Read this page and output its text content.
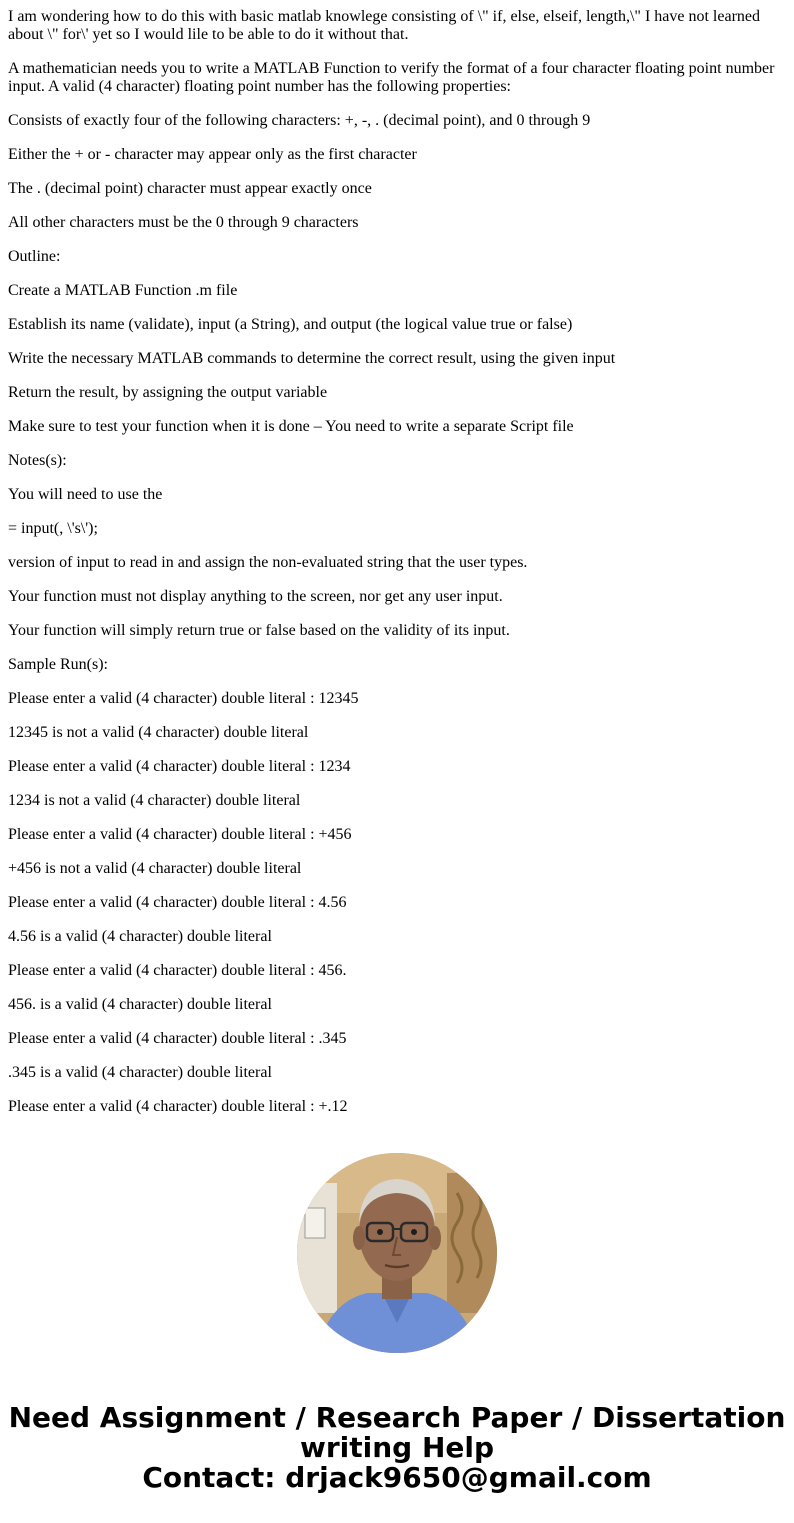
I am wondering how to do this with basic matlab knowlege consisting of \" if, else, elseif, length,\" I have not learned about \" for\' yet so I would lile to be able to do it without that.

A mathematician needs you to write a MATLAB Function to verify the format of a four character floating point number input. A valid (4 character) floating point number has the following properties:

Consists of exactly four of the following characters: +, -, . (decimal point), and 0 through 9

Either the + or - character may appear only as the first character

The . (decimal point) character must appear exactly once

All other characters must be the 0 through 9 characters

Outline:

Create a MATLAB Function .m file

Establish its name (validate), input (a String), and output (the logical value true or false)

Write the necessary MATLAB commands to determine the correct result, using the given input

Return the result, by assigning the output variable

Make sure to test your function when it is done – You need to write a separate Script file

Notes(s):

You will need to use the

= input(, \'s\');

version of input to read in and assign the non-evaluated string that the user types.

Your function must not display anything to the screen, nor get any user input.

Your function will simply return true or false based on the validity of its input.

Sample Run(s):

Please enter a valid (4 character) double literal : 12345

12345 is not a valid (4 character) double literal

Please enter a valid (4 character) double literal : 1234

1234 is not a valid (4 character) double literal

Please enter a valid (4 character) double literal : +456

+456 is not a valid (4 character) double literal

Please enter a valid (4 character) double literal : 4.56

4.56 is a valid (4 character) double literal

Please enter a valid (4 character) double literal : 456.

456. is a valid (4 character) double literal

Please enter a valid (4 character) double literal : .345

.345 is a valid (4 character) double literal

Please enter a valid (4 character) double literal : +.12

Need Assignment / Research Paper / Dissertation
writing Help
Contact: drjack9650@gmail.com
